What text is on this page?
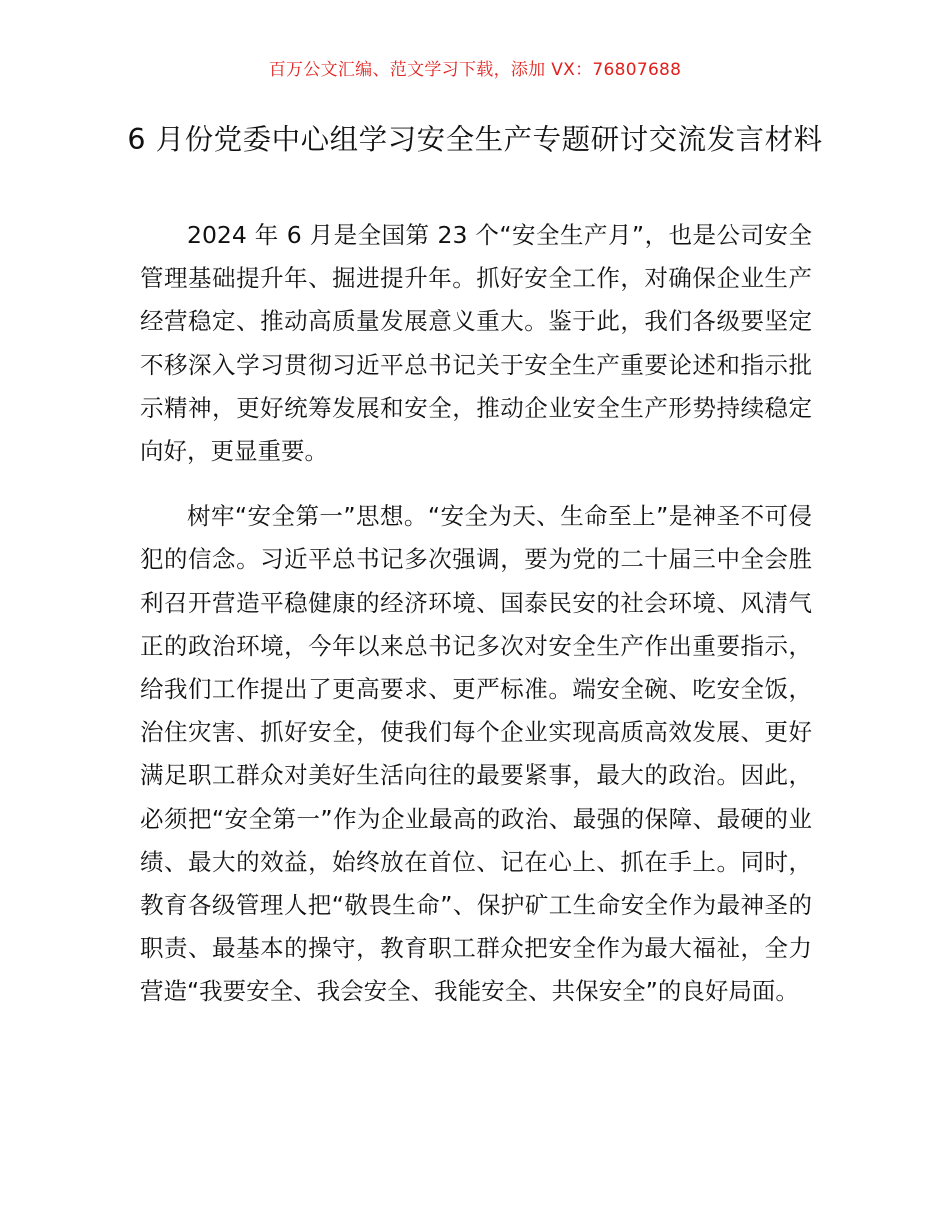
百万公文汇编、范文学习下载，添加 VX：76807688
6 月份党委中心组学习安全生产专题研讨交流发言材料

2024 年 6 月是全国第 23 个“安全生产月”，也是公司安全管理基础提升年、掘进提升年。抓好安全工作，对确保企业生产经营稳定、推动高质量发展意义重大。鉴于此，我们各级要坚定不移深入学习贯彻习近平总书记关于安全生产重要论述和指示批示精神，更好统筹发展和安全，推动企业安全生产形势持续稳定向好，更显重要。

树牢“安全第一”思想。“安全为天、生命至上”是神圣不可侵犯的信念。习近平总书记多次强调，要为党的二十届三中全会胜利召开营造平稳健康的经济环境、国泰民安的社会环境、风清气正的政治环境，今年以来总书记多次对安全生产作出重要指示，给我们工作提出了更高要求、更严标准。端安全碗、吃安全饭，治住灾害、抓好安全，使我们每个企业实现高质高效发展、更好满足职工群众对美好生活向往的最要紧事，最大的政治。因此，必须把“安全第一”作为企业最高的政治、最强的保障、最硬的业绩、最大的效益，始终放在首位、记在心上、抓在手上。同时，教育各级管理人把“敬畏生命”、保护矿工生命安全作为最神圣的职责、最基本的操守，教育职工群众把安全作为最大福祉，全力营造“我要安全、我会安全、我能安全、共保安全”的良好局面。
